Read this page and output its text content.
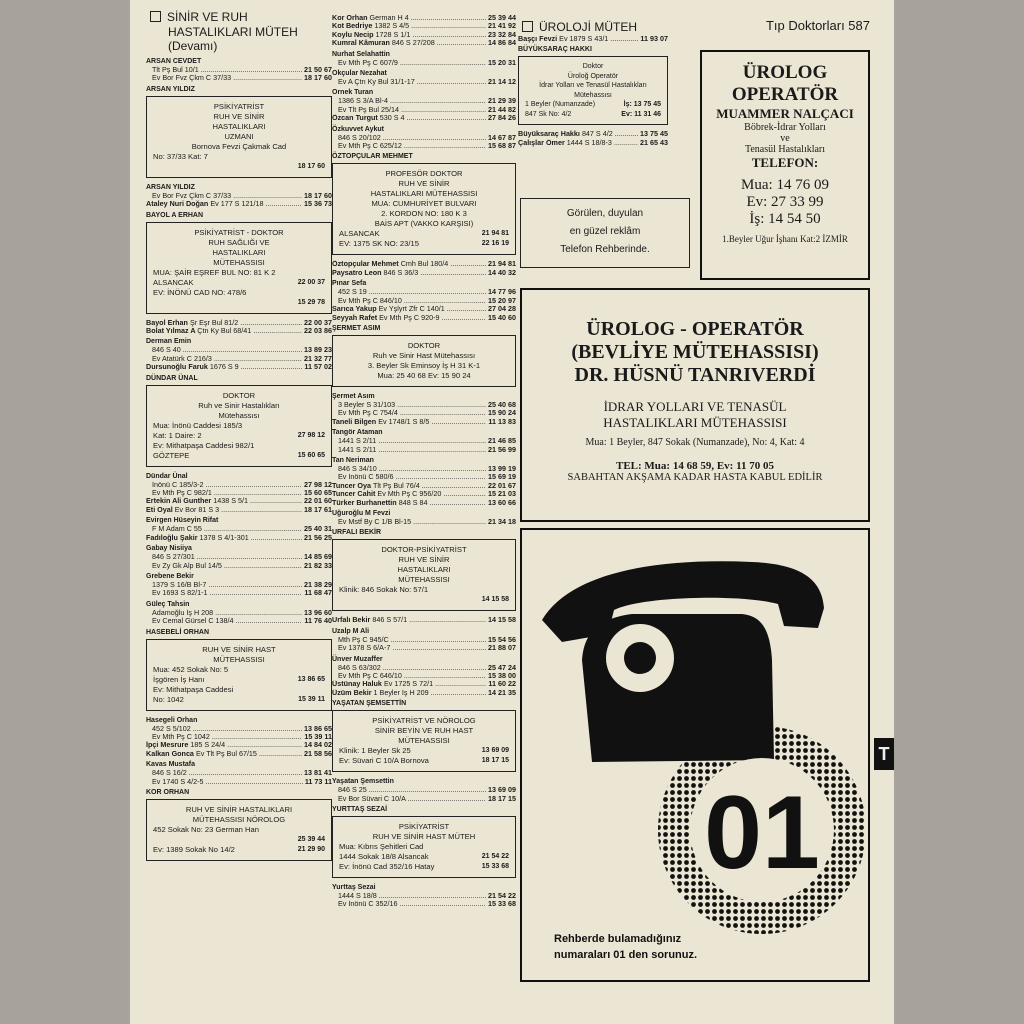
Tıp Doktorları 587
SİNİR VE RUH
HASTALIKLARI MÜTEH
(Devamı)
ARSAN CEVDET
Tlt Pş Bul 10/1 .....	21 50 67
Ev Bor Fvz Çkm C 37/33 .....	18 17 60
ARSAN YILDIZ
PSİKİYATRİST
RUH VE SİNİR
HASTALIKLARI
UZMANI
Bornova Fevzi Çakmak Cad
No: 37/33 Kat: 7
18 17 60
ARSAN YILDIZ
Ev Bor Fvz Çkm C 37/33 .....	18 17 60
Ataley Nuri Doğan Ev 177 S 121/18 .....	15 36 73
BAYOL A ERHAN
PSİKİYATRİST - DOKTOR
RUH SAĞLIĞI VE
HASTALIKLARI
MÜTEHASSISI
MUA: ŞAİR EŞREF BUL NO: 81 K 2
ALSANCAK	22 00 37
EV: İNÖNÜ CAD NO: 478/6
15 29 78
Bayol Erhan Şr Eşr Bul 81/2 .....	22 00 37
Bolat Yılmaz A Çtn Ky Bul 68/41 .....	22 03 86
Derman Emin
846 S 40 .....	13 89 23
Ev Atatürk C 216/3 .....	21 32 77
Dursunoğlu Faruk 1676 S 9 .....	11 57 02
DÜNDAR ÜNAL
DOKTOR
Ruh ve Sinir Hastalıkları
Mütehassısı
Mua: İnönü Caddesi 185/3
Kat: 1 Daire: 2	27 98 12
Ev: Mithatpaşa Caddesi 982/1
GÖZTEPE	15 60 65
Dündar Ünal
İnönü C 185/3-2 .....	27 98 12
Ev Mth Pş C 982/1 .....	15 60 65
Ertekin Ali Gunther 1438 S 5/1 .....	22 01 60
Eti Oyal Ev Bor 81 S 3 .....	18 17 61
Evirgen Hüseyin Rifat
F M Adam C 55 .....	25 40 31
Fadıloğlu Şakir 1378 S 4/1-301 .....	21 56 25
Gabay Nisiiya
846 S 27/301 .....	14 85 69
Ev Zy Gk Alp Bul 14/5 .....	21 82 33
Grebene Bekir
1379 S 16/B Bl-7 .....	21 38 29
Ev 1693 S 82/1-1 .....	11 68 47
Güleç Tahsin
Adamoğlu İş H 208 .....	13 96 60
Ev Cemal Gürsel C 138/4 .....	11 76 40
HASEBELİ ORHAN
RUH VE SİNİR HAST
MÜTEHASSISI
Mua: 452 Sokak No: 5
İşgören İş Hanı	13 86 65
Ev: Mithatpaşa Caddesi
No: 1042	15 39 11
Hasegeli Orhan
452 S 5/102 .....	13 86 65
Ev Mth Pş C 1042 .....	15 39 11
İpçi Mesrure 185 S 24/4 .....	14 84 02
Kalkan Gonca Ev Tlt Pş Bul 67/15 .....	21 58 56
Kavas Mustafa
846 S 16/2 .....	13 81 41
Ev 1740 S 4/2-5 .....	11 73 11
KOR ORHAN
RUH VE SİNİR HASTALIKLARI
MÜTEHASSISI NÖROLOG
452 Sokak No: 23 German Han
25 39 44
Ev: 1389 Sokak No 14/2	21 29 90
Kor Orhan German H 4 .....	25 39 44
Kot Bedriye 1382 S 4/5 .....	21 41 92
Koylu Necip 1728 S 1/1 .....	23 32 84
Kumral Kâmuran 846 S 27/208 .....	14 86 84
Nurhat Selahattin
Ev Mth Pş C 607/9 .....	15 20 31
Okçular Nezahat
Ev A Çtn Ky Bul 31/1-17 .....	21 14 12
Ornek Turan
1386 S 3/A Bl-4 .....	21 29 39
Ev Tlt Pş Bul 25/14 .....	21 44 82
Özcan Turgut 530 S 4 .....	27 84 26
Özkuvvet Aykut
846 S 20/102 .....	14 67 87
Ev Mth Pş C 625/12 .....	15 68 87
ÖZTOPÇULAR MEHMET
PROFESÖR DOKTOR
RUH VE SİNİR
HASTALIKLARI MÜTEHASSISI
MUA: CUMHURİYET BULVARI
2. KORDON NO: 180 K 3
BAİS APT (VAKKO KARŞISI)
ALSANCAK	21 94 81
EV: 1375 SK NO: 23/15	22 16 19
Öztopçular Mehmet Cmh Bul 180/4 .....	21 94 81
Paysatro Leon 846 S 36/3 .....	14 40 32
Pınar Sefa
452 S 19 .....	14 77 96
Ev Mth Pş C 846/10 .....	15 20 97
Sarıca Yakup Ev Yşlyrt Zfr C 140/1 .....	27 04 28
Seyyah Rafet Ev Mth Pş C 920-9 .....	15 40 60
ŞERMET ASIM
DOKTOR
Ruh ve Sinir Hast Mütehassısı
3. Beyler Sk Eminsoy İş H 31 K-1
Mua: 25 40 68 Ev: 15 90 24
Şermet Asım
3 Beyler S 31/103 .....	25 40 68
Ev Mth Pş C 754/4 .....	15 90 24
Taneli Bilgen Ev 1748/1 S 8/5 .....	11 13 83
Tangör Ataman
1441 S 2/11 .....	21 46 85
1441 S 2/11 .....	21 56 99
Tan Neriman
846 S 34/10 .....	13 99 19
Ev İnönü C 580/6 .....	15 69 19
Tuncer Oya Tlt Pş Bul 76/4 .....	22 01 67
Tuncer Cahit Ev Mth Pş C 956/20 .....	15 21 03
Türker Burhanettin 848 S 84 .....	13 60 66
Uğuroğlu M Fevzi
Ev Mstf By C 1/B Bl-15 .....	21 34 18
URFALI BEKİR
DOKTOR-PSİKİYATRİST
RUH VE SİNİR
HASTALIKLARI
MÜTEHASSISI
Klinik: 846 Sokak No: 57/1
14 15 58
Urfalı Bekir 846 S 57/1 .....	14 15 58
Uzalp M Ali
Mth Pş C 945/C .....	15 54 56
Ev 1378 S 6/A-7 .....	21 88 07
Ünver Muzaffer
846 S 63/302 .....	25 47 24
Ev Mth Pş C 646/10 .....	15 38 00
Üstünay Haluk Ev 1725 S 72/1 .....	11 60 22
Üzüm Bekir 1 Beyler İş H 209 .....	14 21 35
YAŞATAN ŞEMSETTİN
PSİKİYATRİST VE NÖROLOG
SİNİR BEYİN VE RUH HAST
MÜTEHASSISI
Klinik: 1 Beyler Sk 25	13 69 09
Ev: Süvari C 10/A Bornova	18 17 15
Yaşatan Şemsettin
846 S 25 .....	13 69 09
Ev Bor Süvari C 10/A .....	18 17 15
YURTTAŞ SEZAİ
PSİKİYATRİST
RUH VE SİNİR HAST MÜTEH
Mua: Kıbrıs Şehitleri Cad
1444 Sokak 18/8 Alsancak	21 54 22
Ev: İnönü Cad 352/16 Hatay	15 33 68
Yurttaş Sezai
1444 S 18/8 .....	21 54 22
Ev İnönü C 352/16 .....	15 33 68
ÜROLOJİ MÜTEH
Başçı Fevzi Ev 1879 S 43/1 .....	11 93 07
BÜYÜKSARAÇ HAKKI
Doktor
Üroloğ Operatör
İdrar Yolları ve Tenasül Hastalıkları
Mütehassısı
1 Beyler (Numanzade)	İş: 13 75 45
847 Sk No: 4/2	Ev: 11 31 46
Büyüksaraç Hakkı 847 S 4/2 .....	13 75 45
Çalışlar Ömer 1444 S 18/8-3 .....	21 65 43
Görülen, duyulan
en güzel reklâm
Telefon Rehberinde.
ÜROLOG
OPERATÖR
MUAMMER NALÇACI
Böbrek-İdrar Yolları
ve
Tenasül Hastalıkları
TELEFON:
Mua: 14 76 09
Ev: 27 33 99
İş: 14 54 50
1.Beyler Uğur İşhanı Kat:2 İZMİR
ÜROLOG - OPERATÖR
(BEVLİYE MÜTEHASSISI)
DR. HÜSNÜ TANRIVERDİ
İDRAR YOLLARI VE TENASÜL
HASTALIKLARI MÜTEHASSISI
Mua: 1 Beyler, 847 Sokak (Numanzade), No: 4, Kat: 4
TEL: Mua: 14 68 59, Ev: 11 70 05
SABAHTAN AKŞAMA KADAR HASTA KABUL EDİLİR
01
Rehberde bulamadığınız
numaraları 01 den sorunuz.
T
